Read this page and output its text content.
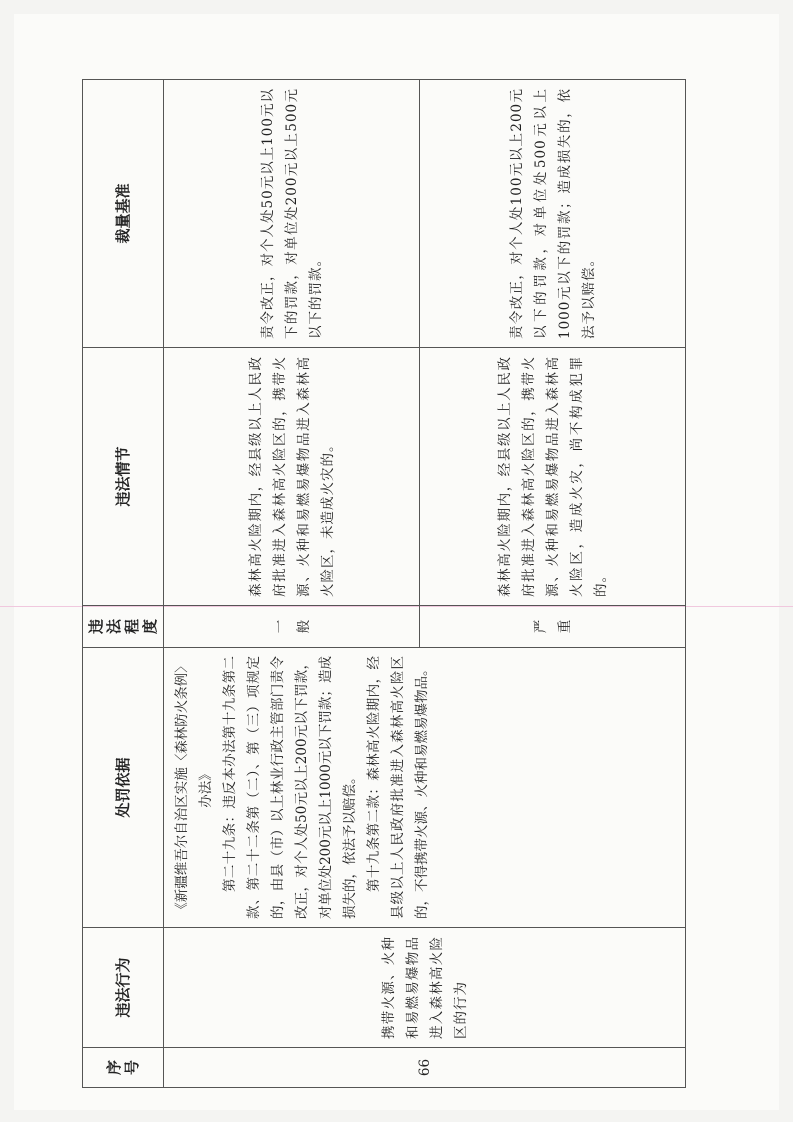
序号	违法行为	处罚依据	违法程度	违法情节	裁量基准
66	携带火源、火种和易燃易爆物品进入森林高火险区的行为	《新疆维吾尔自治区实施〈森林防火条例〉办法》 第二十九条：违反本办法第十九条第二款、第二十二条第（二）、第（三）项规定的，由县（市）以上林业行政主管部门责令改正，对个人处50元以上200元以下罚款，对单位处200元以上1000元以下罚款；造成损失的，依法予以赔偿。 第十九条第二款：森林高火险期内，经县级以上人民政府批准进入森林高火险区的，不得携带火源、火种和易燃易爆物品。	一般	森林高火险期内，经县级以上人民政府批准进入森林高火险区的，携带火源、火种和易燃易爆物品进入森林高火险区，未造成火灾的。	责令改正，对个人处50元以上100元以下的罚款，对单位处200元以上500元以下的罚款。
			严重	森林高火险期内，经县级以上人民政府批准进入森林高火险区的，携带火源、火种和易燃易爆物品进入森林高火险区，造成火灾，尚不构成犯罪的。	责令改正，对个人处100元以上200元以下的罚款，对单位处500元以上1000元以下的罚款；造成损失的，依法予以赔偿。
